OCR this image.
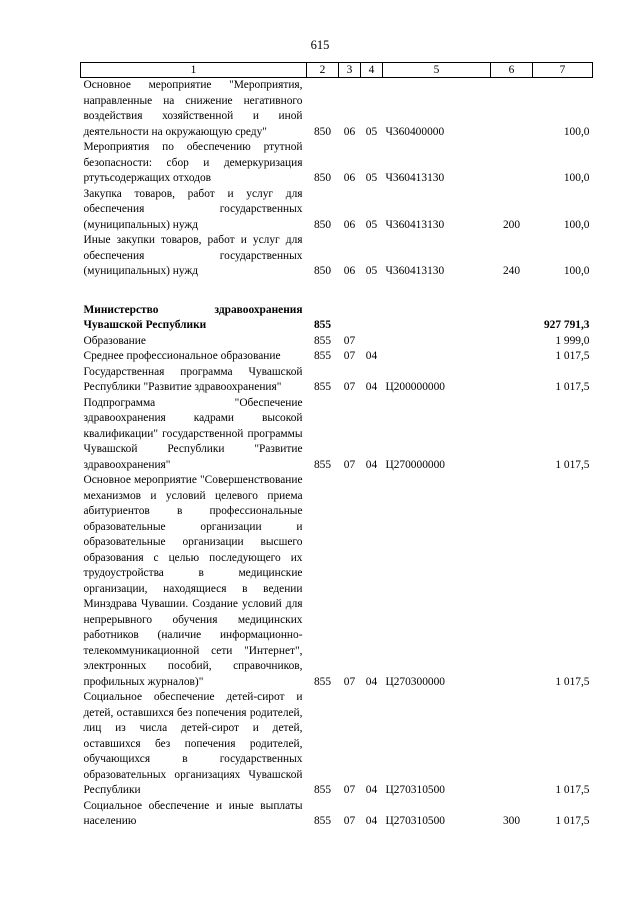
615
1	2	3	4	5	6	7
Основное мероприятие "Мероприятия, направленные на снижение негативного воздействия хозяйственной и иной деятельности на окружающую среду"	850	06	05	Ч360400000		100,0
Мероприятия по обеспечению ртутной безопасности: сбор и демеркуризация ртутьсодержащих отходов	850	06	05	Ч360413130		100,0
Закупка товаров, работ и услуг для обеспечения государственных (муниципальных) нужд	850	06	05	Ч360413130	200	100,0
Иные закупки товаров, работ и услуг для обеспечения государственных (муниципальных) нужд	850	06	05	Ч360413130	240	100,0

Министерство здравоохранения Чувашской Республики	855					927 791,3
Образование	855	07				1 999,0
Среднее профессиональное образование	855	07	04			1 017,5
Государственная программа Чувашской Республики "Развитие здравоохранения"	855	07	04	Ц200000000		1 017,5
Подпрограмма "Обеспечение здравоохранения кадрами высокой квалификации" государственной программы Чувашской Республики "Развитие здравоохранения"	855	07	04	Ц270000000		1 017,5
Основное мероприятие "Совершенствование механизмов и условий целевого приема абитуриентов в профессиональные образовательные организации и образовательные организации высшего образования с целью последующего их трудоустройства в медицинские организации, находящиеся в ведении Минздрава Чувашии. Создание условий для непрерывного обучения медицинских работников (наличие информационно-телекоммуникационной сети "Интернет", электронных пособий, справочников, профильных журналов)"	855	07	04	Ц270300000		1 017,5
Социальное обеспечение детей-сирот и детей, оставшихся без попечения родителей, лиц из числа детей-сирот и детей, оставшихся без попечения родителей, обучающихся в государственных образовательных организациях Чувашской Республики	855	07	04	Ц270310500		1 017,5
Социальное обеспечение и иные выплаты населению	855	07	04	Ц270310500	300	1 017,5
